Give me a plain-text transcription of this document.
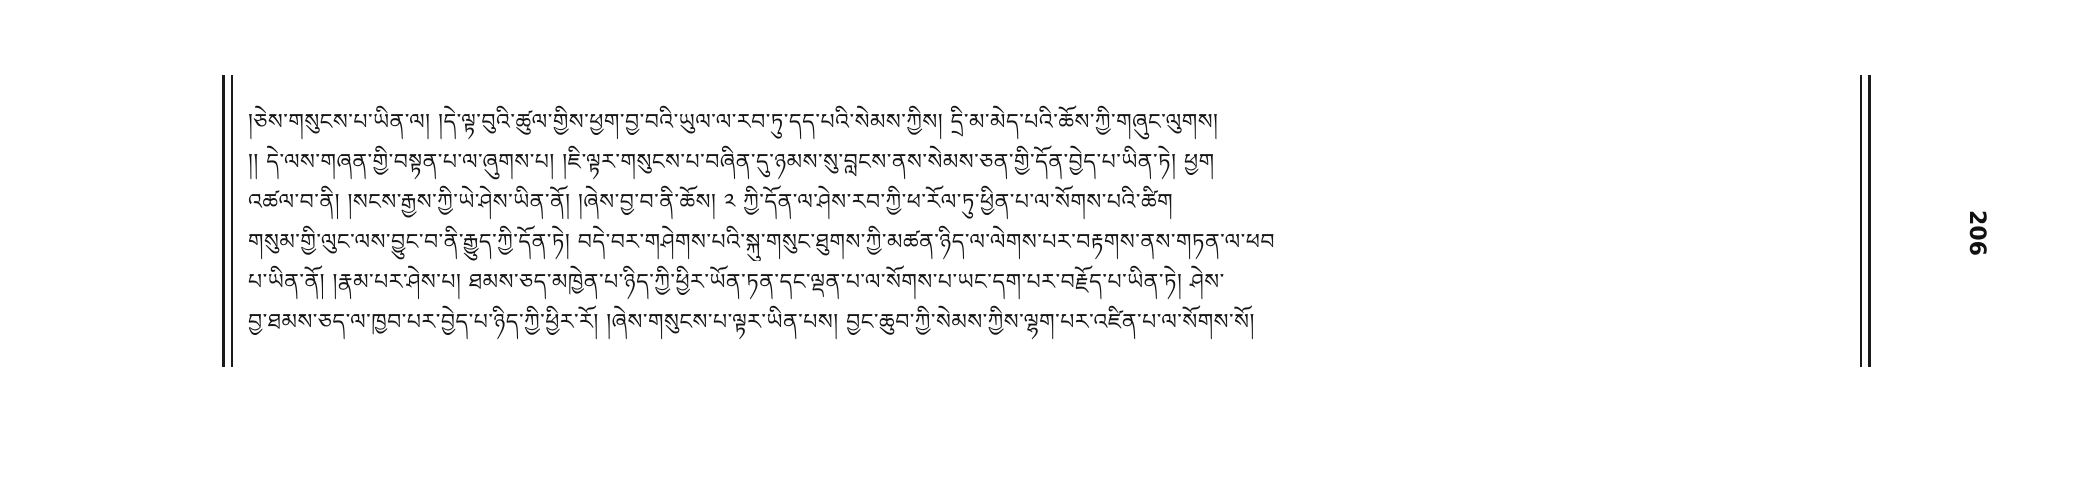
།ཅེས་གསུངས་པ་ཡིན་ལ། །དེ་ལྟ་བུའི་ཚུལ་གྱིས་ཕྱག་བྱ་བའི་ཡུལ་ལ་རབ་ཏུ་དད་པའི་སེམས་ཀྱིས། དྲི་མ་མེད་པའི་ཆོས་ཀྱི་གཞུང་ལུགས།
།། དེ་ལས་གཞན་གྱི་བསྟན་པ་ལ་ཞུགས་པ། །ཇི་ལྟར་གསུངས་པ་བཞིན་དུ་ཉམས་སུ་བླངས་ནས་སེམས་ཅན་གྱི་དོན་བྱེད་པ་ཡིན་ཏེ། ཕྱག
འཚལ་བ་ནི། །སངས་རྒྱས་ཀྱི་ཡེ་ཤེས་ཡིན་ནོ། །ཞེས་བྱ་བ་ནི་ཆོས། ༢ ཀྱི་དོན་ལ་ཤེས་རབ་ཀྱི་ཕ་རོལ་ཏུ་ཕྱིན་པ་ལ་སོགས་པའི་ཚིག
གསུམ་གྱི་ལུང་ལས་བྱུང་བ་ནི་རྒྱུད་ཀྱི་དོན་ཏེ། བདེ་བར་གཤེགས་པའི་སྐུ་གསུང་ཐུགས་ཀྱི་མཚན་ཉིད་ལ་ལེགས་པར་བརྟགས་ནས་གཏན་ལ་ཕབ
པ་ཡིན་ནོ། །རྣམ་པར་ཤེས་པ། ཐམས་ཅད་མཁྱེན་པ་ཉིད་ཀྱི་ཕྱིར་ཡོན་ཏན་དང་ལྡན་པ་ལ་སོགས་པ་ཡང་དག་པར་བརྗོད་པ་ཡིན་ཏེ། ཤེས་
བྱ་ཐམས་ཅད་ལ་ཁྱབ་པར་བྱེད་པ་ཉིད་ཀྱི་ཕྱིར་རོ། །ཞེས་གསུངས་པ་ལྟར་ཡིན་པས། བྱང་ཆུབ་ཀྱི་སེམས་ཀྱིས་ལྷག་པར་འཛིན་པ་ལ་སོགས་སོ།
206
